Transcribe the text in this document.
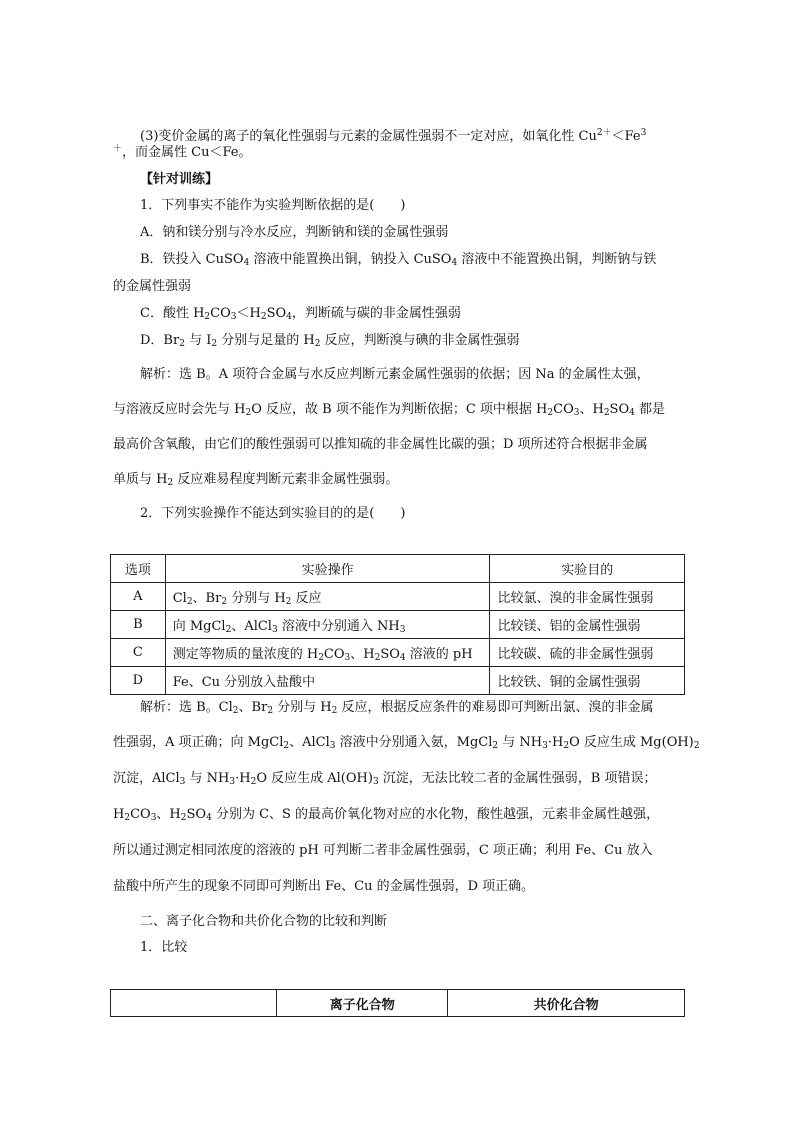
(3)变价金属的离子的氧化性强弱与元素的金属性强弱不一定对应，如氧化性 $Cu^{2+}<Fe^3$
＋，而金属性 Cu＜Fe。
【针对训练】
1．下列事实不能作为实验判断依据的是(　　)
A．钠和镁分别与冷水反应，判断钠和镁的金属性强弱
B．铁投入 CuSO$_4$ 溶液中能置换出铜，钠投入 CuSO$_4$ 溶液中不能置换出铜，判断钠与铁
的金属性强弱
C．酸性 $H_2CO_3<H_2SO_4$，判断硫与碳的非金属性强弱
D．$Br_2$ 与 $I_2$ 分别与足量的 $H_2$ 反应，判断溴与碘的非金属性强弱
解析：选 B。A 项符合金属与水反应判断元素金属性强弱的依据；因 Na 的金属性太强，
与溶液反应时会先与 $H_2O$ 反应，故 B 项不能作为判断依据；C 项中根据 $H_2CO_3$、$H_2SO_4$ 都是
最高价含氧酸，由它们的酸性强弱可以推知硫的非金属性比碳的强；D 项所述符合根据非金属
单质与 $H_2$ 反应难易程度判断元素非金属性强弱。
2．下列实验操作不能达到实验目的的是(　　)
选项	实验操作	实验目的
A	$Cl_2$、$Br_2$ 分别与 $H_2$ 反应	比较氯、溴的非金属性强弱
B	向 MgCl$_2$、AlCl$_3$ 溶液中分别通入 $NH_3$	比较镁、铝的金属性强弱
C	测定等物质的量浓度的 $H_2CO_3$、$H_2SO_4$ 溶液的 pH	比较碳、硫的非金属性强弱
D	Fe、Cu 分别放入盐酸中	比较铁、铜的金属性强弱
解析：选 B。$Cl_2$、$Br_2$ 分别与 $H_2$ 反应，根据反应条件的难易即可判断出氯、溴的非金属
性强弱，A 项正确；向 MgCl$_2$、AlCl$_3$ 溶液中分别通入氨，MgCl$_2$ 与 $NH_3\cdot H_2O$ 反应生成 $Mg(OH)_2$
沉淀，AlCl$_3$ 与 $NH_3\cdot H_2O$ 反应生成 $Al(OH)_3$ 沉淀，无法比较二者的金属性强弱，B 项错误；
$H_2CO_3$、$H_2SO_4$ 分别为 C、S 的最高价氧化物对应的水化物，酸性越强，元素非金属性越强，
所以通过测定相同浓度的溶液的 pH 可判断二者非金属性强弱，C 项正确；利用 Fe、Cu 放入
盐酸中所产生的现象不同即可判断出 Fe、Cu 的金属性强弱，D 项正确。
二、离子化合物和共价化合物的比较和判断
1．比较
	离子化合物	共价化合物
